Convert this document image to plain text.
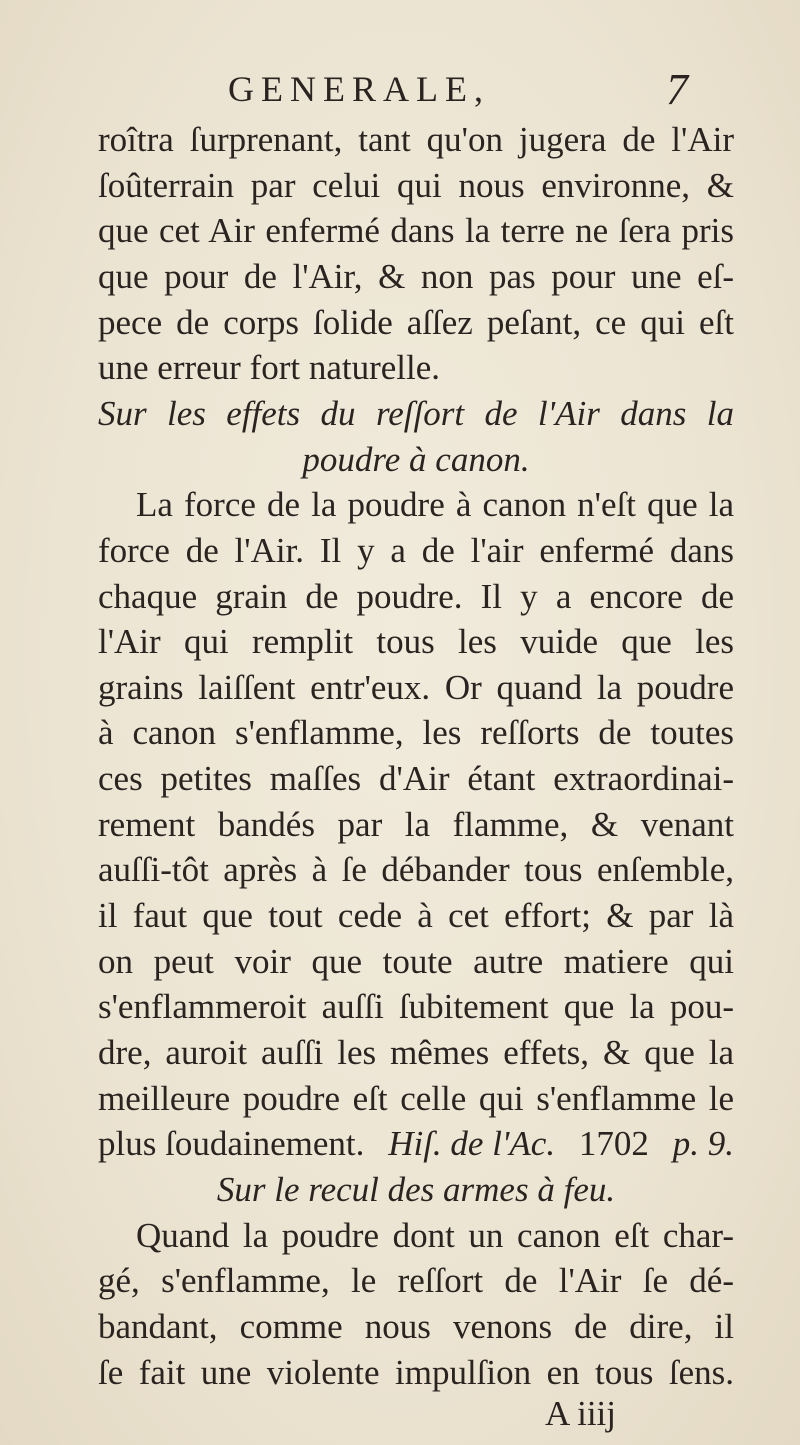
GENERALE,	7
roîtra ſurprenant, tant qu'on jugera de l'Air
ſoûterrain par celui qui nous environne, &
que cet Air enfermé dans la terre ne ſera pris
que pour de l'Air, & non pas pour une eſ-
pece de corps ſolide aſſez peſant, ce qui eſt
une erreur fort naturelle.
Sur les effets du reſſort de l'Air dans la
poudre à canon.
La force de la poudre à canon n'eſt que la
force de l'Air. Il y a de l'air enfermé dans
chaque grain de poudre. Il y a encore de
l'Air qui remplit tous les vuide que les
grains laiſſent entr'eux. Or quand la poudre
à canon s'enflamme, les reſſorts de toutes
ces petites maſſes d'Air étant extraordinai-
rement bandés par la flamme, & venant
auſſi-tôt après à ſe débander tous enſemble,
il faut que tout cede à cet effort; & par là
on peut voir que toute autre matiere qui
s'enflammeroit auſſi ſubitement que la pou-
dre, auroit auſſi les mêmes effets, & que la
meilleure poudre eſt celle qui s'enflamme le
plus ſoudainement. Hiſ. de l'Ac. 1702 p. 9.
Sur le recul des armes à feu.
Quand la poudre dont un canon eſt char-
gé, s'enflamme, le reſſort de l'Air ſe dé-
bandant, comme nous venons de dire, il
ſe fait une violente impulſion en tous ſens.
A iiij
